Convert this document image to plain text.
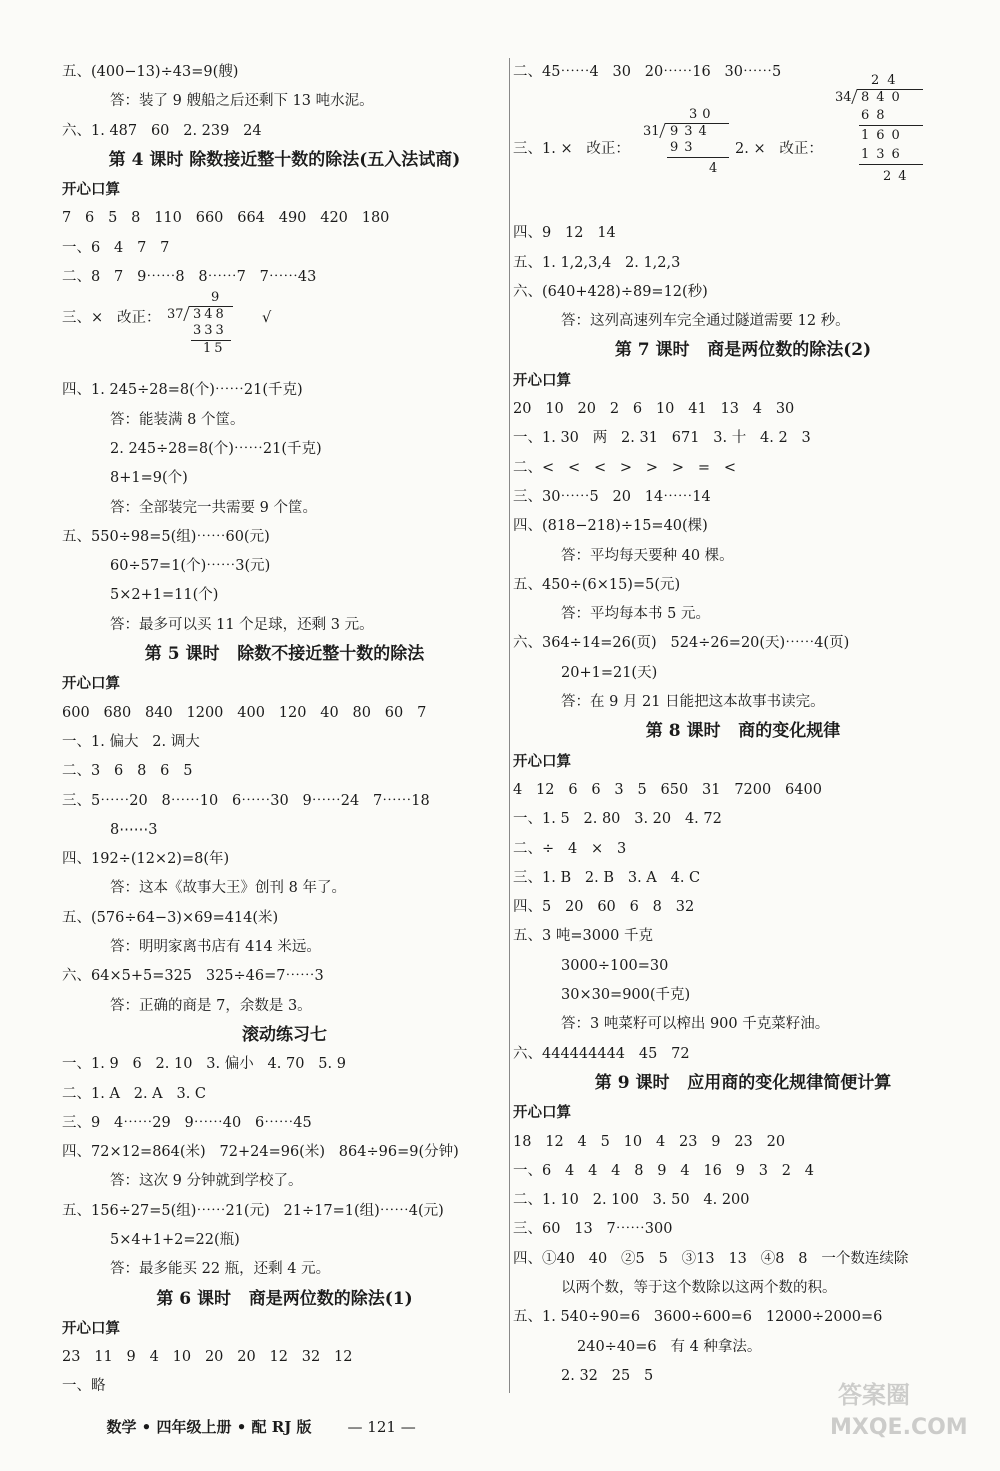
五、(400−13)÷43=9(艘)
答：装了 9 艘船之后还剩下 13 吨水泥。
六、1. 487   60   2. 239   24
第 4 课时 除数接近整十数的除法(五入法试商)
开心口算
7   6   5   8   110   660   664   490   420   180
一、6   4   7   7
二、8   7   9⋯⋯8   8⋯⋯7   7⋯⋯43
三、×   改正：
9
37 348
333
15
√
四、1. 245÷28=8(个)⋯⋯21(千克)
答：能装满 8 个筐。
2. 245÷28=8(个)⋯⋯21(千克)
8+1=9(个)
答：全部装完一共需要 9 个筐。
五、550÷98=5(组)⋯⋯60(元)
60÷57=1(个)⋯⋯3(元)
5×2+1=11(个)
答：最多可以买 11 个足球，还剩 3 元。
第 5 课时   除数不接近整十数的除法
开心口算
600   680   840   1200   400   120   40   80   60   7
一、1. 偏大   2. 调大
二、3   6   8   6   5
三、5⋯⋯20   8⋯⋯10   6⋯⋯30   9⋯⋯24   7⋯⋯18
8⋯⋯3
四、192÷(12×2)=8(年)
答：这本《故事大王》创刊 8 年了。
五、(576÷64−3)×69=414(米)
答：明明家离书店有 414 米远。
六、64×5+5=325   325÷46=7⋯⋯3
答：正确的商是 7，余数是 3。
滚动练习七
一、1. 9   6   2. 10   3. 偏小   4. 70   5. 9
二、1. A   2. A   3. C
三、9   4⋯⋯29   9⋯⋯40   6⋯⋯45
四、72×12=864(米)   72+24=96(米)   864÷96=9(分钟)
答：这次 9 分钟就到学校了。
五、156÷27=5(组)⋯⋯21(元)   21÷17=1(组)⋯⋯4(元)
5×4+1+2=22(瓶)
答：最多能买 22 瓶，还剩 4 元。
第 6 课时   商是两位数的除法(1)
开心口算
23   11   9   4   10   20   20   12   32   12
一、略
二、45⋯⋯4   30   20⋯⋯16   30⋯⋯5
三、1. ×   改正：
30
31 934
93
4
2. ×   改正：
24
34 840
68
160
136
24
四、9   12   14
五、1. 1,2,3,4   2. 1,2,3
六、(640+428)÷89=12(秒)
答：这列高速列车完全通过隧道需要 12 秒。
第 7 课时   商是两位数的除法(2)
开心口算
20   10   20   2   6   10   41   13   4   30
一、1. 30   两   2. 31   671   3. 十   4. 2   3
二、<   <   <   >   >   >   =   <
三、30⋯⋯5   20   14⋯⋯14
四、(818−218)÷15=40(棵)
答：平均每天要种 40 棵。
五、450÷(6×15)=5(元)
答：平均每本书 5 元。
六、364÷14=26(页)   524÷26=20(天)⋯⋯4(页)
20+1=21(天)
答：在 9 月 21 日能把这本故事书读完。
第 8 课时   商的变化规律
开心口算
4   12   6   6   3   5   650   31   7200   6400
一、1. 5   2. 80   3. 20   4. 72
二、÷   4   ×   3
三、1. B   2. B   3. A   4. C
四、5   20   60   6   8   32
五、3 吨=3000 千克
3000÷100=30
30×30=900(千克)
答：3 吨菜籽可以榨出 900 千克菜籽油。
六、444444444   45   72
第 9 课时   应用商的变化规律简便计算
开心口算
18   12   4   5   10   4   23   9   23   20
一、6   4   4   4   8   9   4   16   9   3   2   4
二、1. 10   2. 100   3. 50   4. 200
三、60   13   7⋯⋯300
四、①40   40   ②5   5   ③13   13   ④8   8   一个数连续除
以两个数，等于这个数除以这两个数的积。
五、1. 540÷90=6   3600÷600=6   12000÷2000=6
240÷40=6   有 4 种拿法。
2. 32   25   5

数学 • 四年级上册 • 配 RJ 版 — 121 —

答案圈
MXQE.COM
